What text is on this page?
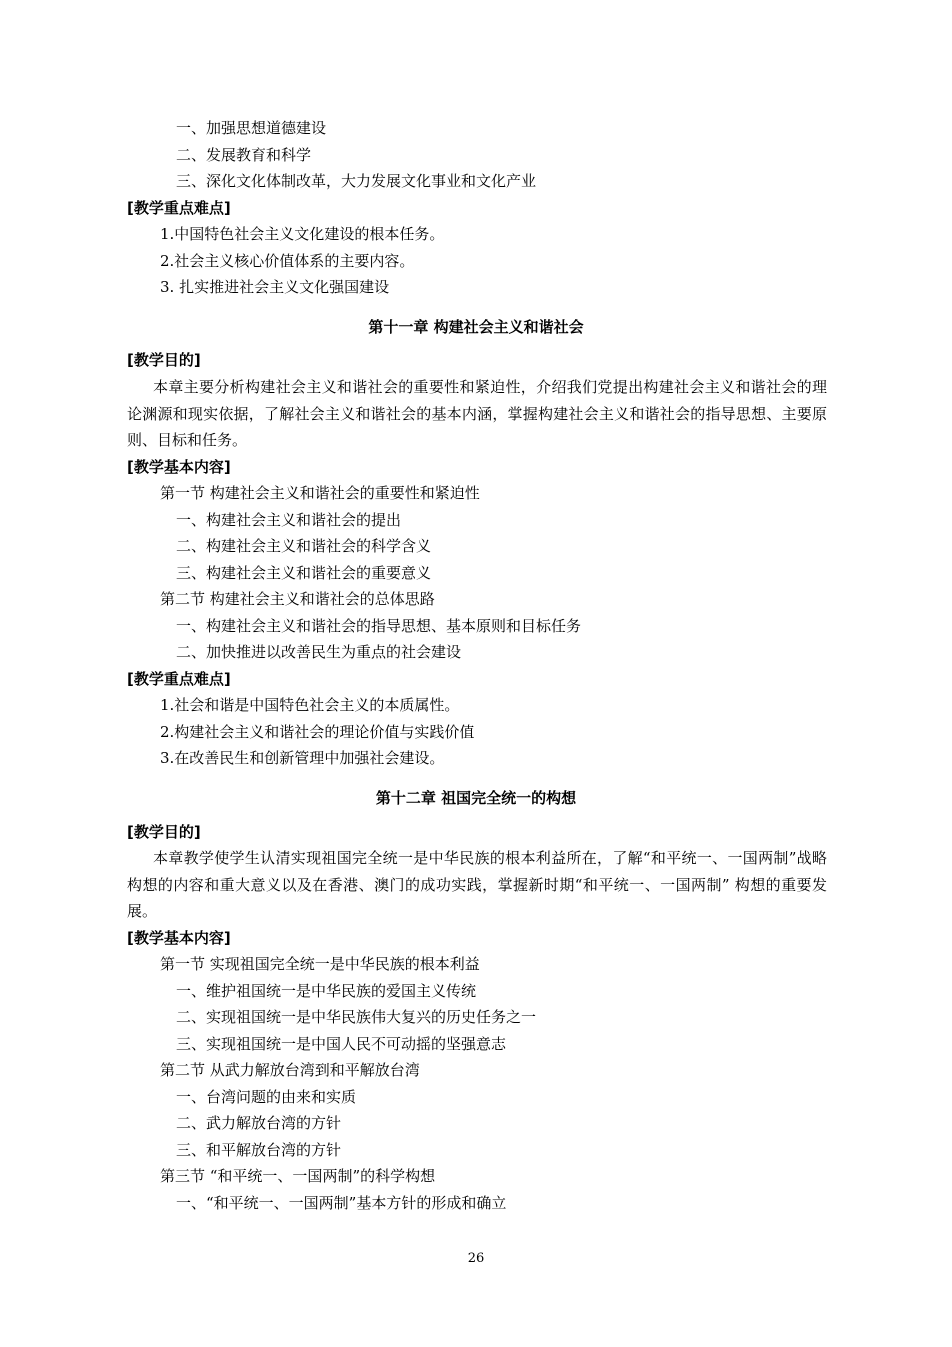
一、加强思想道德建设
二、发展教育和科学
三、深化文化体制改革，大力发展文化事业和文化产业
[教学重点难点]
1.中国特色社会主义文化建设的根本任务。
2.社会主义核心价值体系的主要内容。
3. 扎实推进社会主义文化强国建设
第十一章 构建社会主义和谐社会
[教学目的]
本章主要分析构建社会主义和谐社会的重要性和紧迫性，介绍我们党提出构建社会主义和谐社会的理论渊源和现实依据，了解社会主义和谐社会的基本内涵，掌握构建社会主义和谐社会的指导思想、主要原则、目标和任务。
[教学基本内容]
第一节 构建社会主义和谐社会的重要性和紧迫性
一、构建社会主义和谐社会的提出
二、构建社会主义和谐社会的科学含义
三、构建社会主义和谐社会的重要意义
第二节 构建社会主义和谐社会的总体思路
一、构建社会主义和谐社会的指导思想、基本原则和目标任务
二、加快推进以改善民生为重点的社会建设
[教学重点难点]
1.社会和谐是中国特色社会主义的本质属性。
2.构建社会主义和谐社会的理论价值与实践价值
3.在改善民生和创新管理中加强社会建设。
第十二章 祖国完全统一的构想
[教学目的]
本章教学使学生认清实现祖国完全统一是中华民族的根本利益所在，了解“和平统一、一国两制”战略构想的内容和重大意义以及在香港、澳门的成功实践，掌握新时期“和平统一、一国两制” 构想的重要发展。
[教学基本内容]
第一节 实现祖国完全统一是中华民族的根本利益
一、维护祖国统一是中华民族的爱国主义传统
二、实现祖国统一是中华民族伟大复兴的历史任务之一
三、实现祖国统一是中国人民不可动摇的坚强意志
第二节 从武力解放台湾到和平解放台湾
一、台湾问题的由来和实质
二、武力解放台湾的方针
三、和平解放台湾的方针
第三节 “和平统一、一国两制”的科学构想
一、“和平统一、一国两制”基本方针的形成和确立
26
